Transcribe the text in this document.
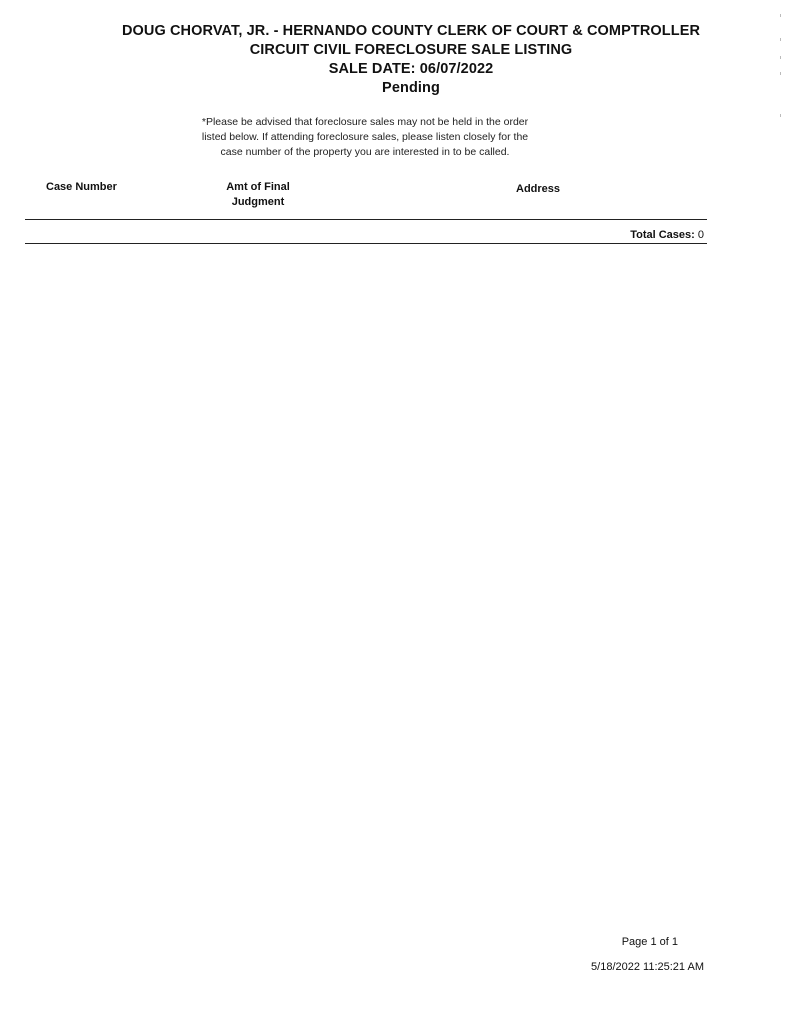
DOUG CHORVAT, JR. - HERNANDO COUNTY CLERK OF COURT & COMPTROLLER
CIRCUIT CIVIL FORECLOSURE SALE LISTING
SALE DATE: 06/07/2022
Pending
*Please be advised that foreclosure sales may not be held in the order
listed below. If attending foreclosure sales, please listen closely for the
case number of the property you are interested in to be called.
Case Number	Amt of Final
Judgment
Address
Total Cases: 0
Page 1 of 1
5/18/2022 11:25:21 AM
